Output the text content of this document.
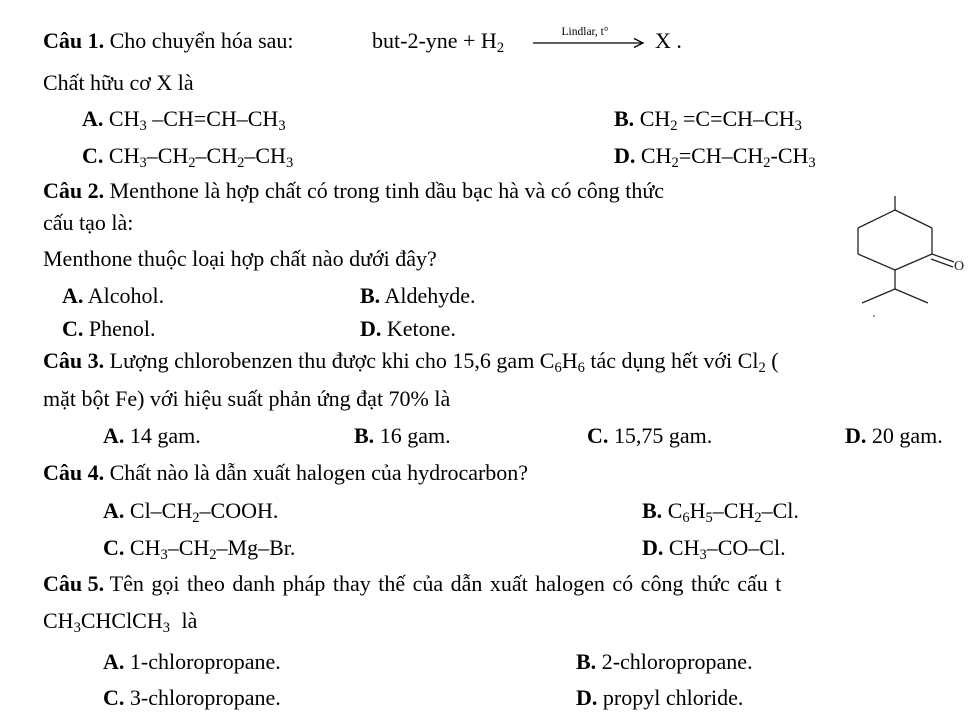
Câu 1. Cho chuyển hóa sau:	$but-2-yne + H_2$
Lindlar, t°	X .
Chất hữu cơ X là
A. $CH_3$ $-CH=CH-CH_3$	B. $CH_2 =C=CH-CH_3$
C. $CH_3-CH_2-CH_2-CH_3$	D. $CH_2=CH-CH_2-CH_3$
Câu 2. Menthone là hợp chất có trong tinh dầu bạc hà và có công thức
cấu tạo là:
Menthone thuộc loại hợp chất nào dưới đây?	O
A. Alcohol.	B. Aldehyde.
C. Phenol.	D. Ketone.
Câu 3. Lượng chlorobenzen thu được khi cho 15,6 gam $C_6H_6$ tác dụng hết với $Cl_2$ (
mặt bột Fe) với hiệu suất phản ứng đạt 70% là
A. 14 gam.	B. 16 gam.	C. 15,75 gam.	D. 20 gam.
Câu 4. Chất nào là dẫn xuất halogen của hydrocarbon?
A. $Cl-CH_2$–COOH.	B. $C_6H_5-CH_2-Cl$.
C. $CH_3-CH_2-Mg-Br$.	D. $CH_3-CO-Cl$.
Câu 5. Tên gọi theo danh pháp thay thế của dẫn xuất halogen có công thức cấu t
$CH_3CHClCH_3$ là
A. 1-chloropropane.	B. 2-chloropropane.
C. 3-chloropropane.	D. propyl chloride.
